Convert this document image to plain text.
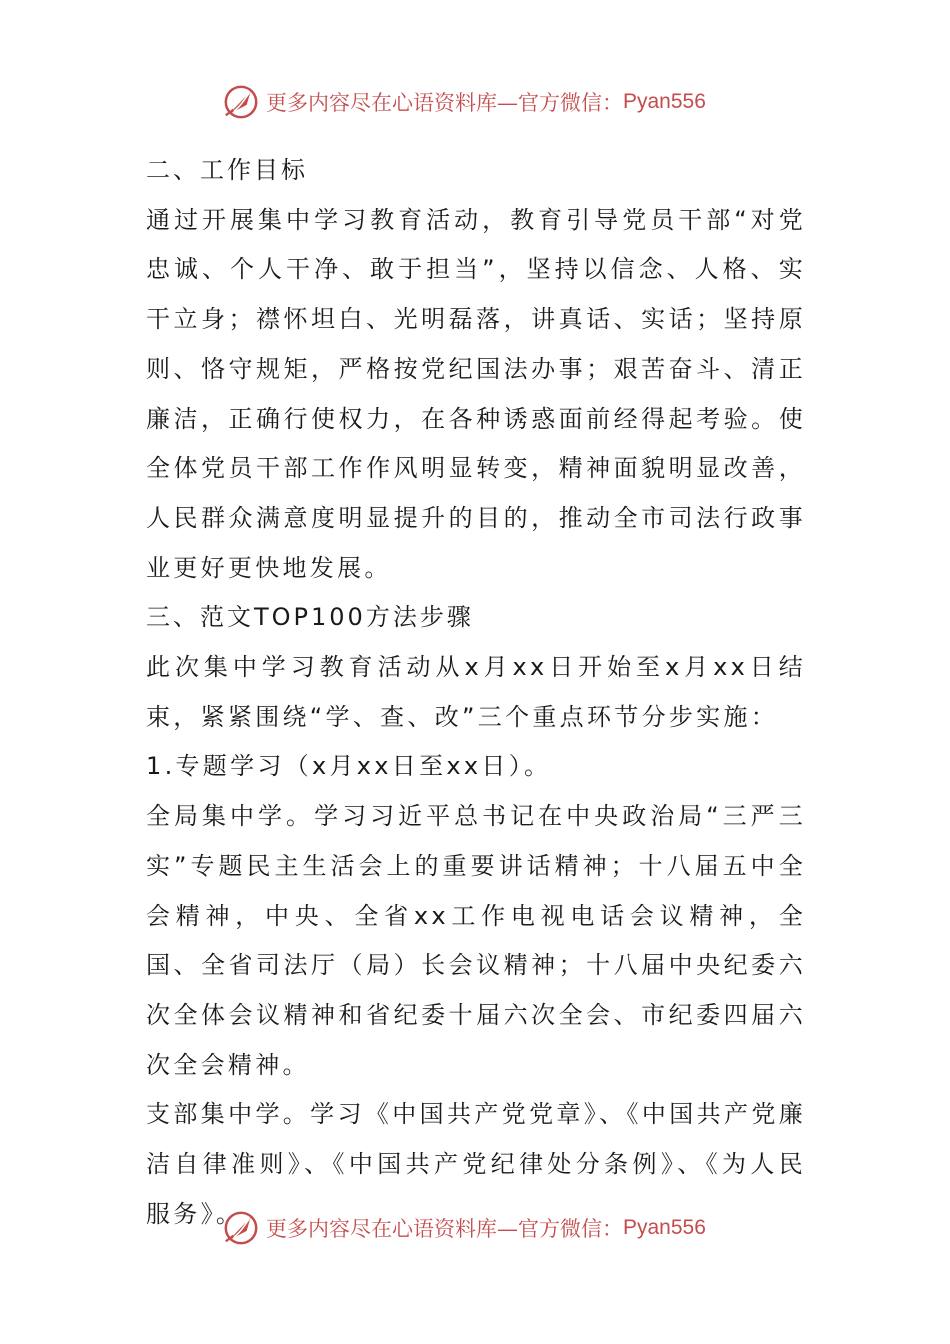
更多内容尽在心语资料库—官方微信： Pyan556

二、工作目标

通过开展集中学习教育活动，教育引导党员干部“对党忠诚、个人干净、敢于担当”，坚持以信念、人格、实干立身；襟怀坦白、光明磊落，讲真话、实话；坚持原则、恪守规矩，严格按党纪国法办事；艰苦奋斗、清正廉洁，正确行使权力，在各种诱惑面前经得起考验。使全体党员干部工作作风明显转变，精神面貌明显改善，人民群众满意度明显提升的目的，推动全市司法行政事业更好更快地发展。

三、范文TOP100方法步骤

此次集中学习教育活动从x月xx日开始至x月xx日结束，紧紧围绕“学、查、改”三个重点环节分步实施：

1.专题学习（x月xx日至xx日）。

全局集中学。学习习近平总书记在中央政治局“三严三实”专题民主生活会上的重要讲话精神；十八届五中全会精神，中央、全省xx工作电视电话会议精神，全国、全省司法厅（局）长会议精神；十八届中央纪委六次全体会议精神和省纪委十届六次全会、市纪委四届六次全会精神。

支部集中学。学习《中国共产党党章》、《中国共产党廉洁自律准则》、《中国共产党纪律处分条例》、《为人民服务》。

更多内容尽在心语资料库—官方微信： Pyan556
